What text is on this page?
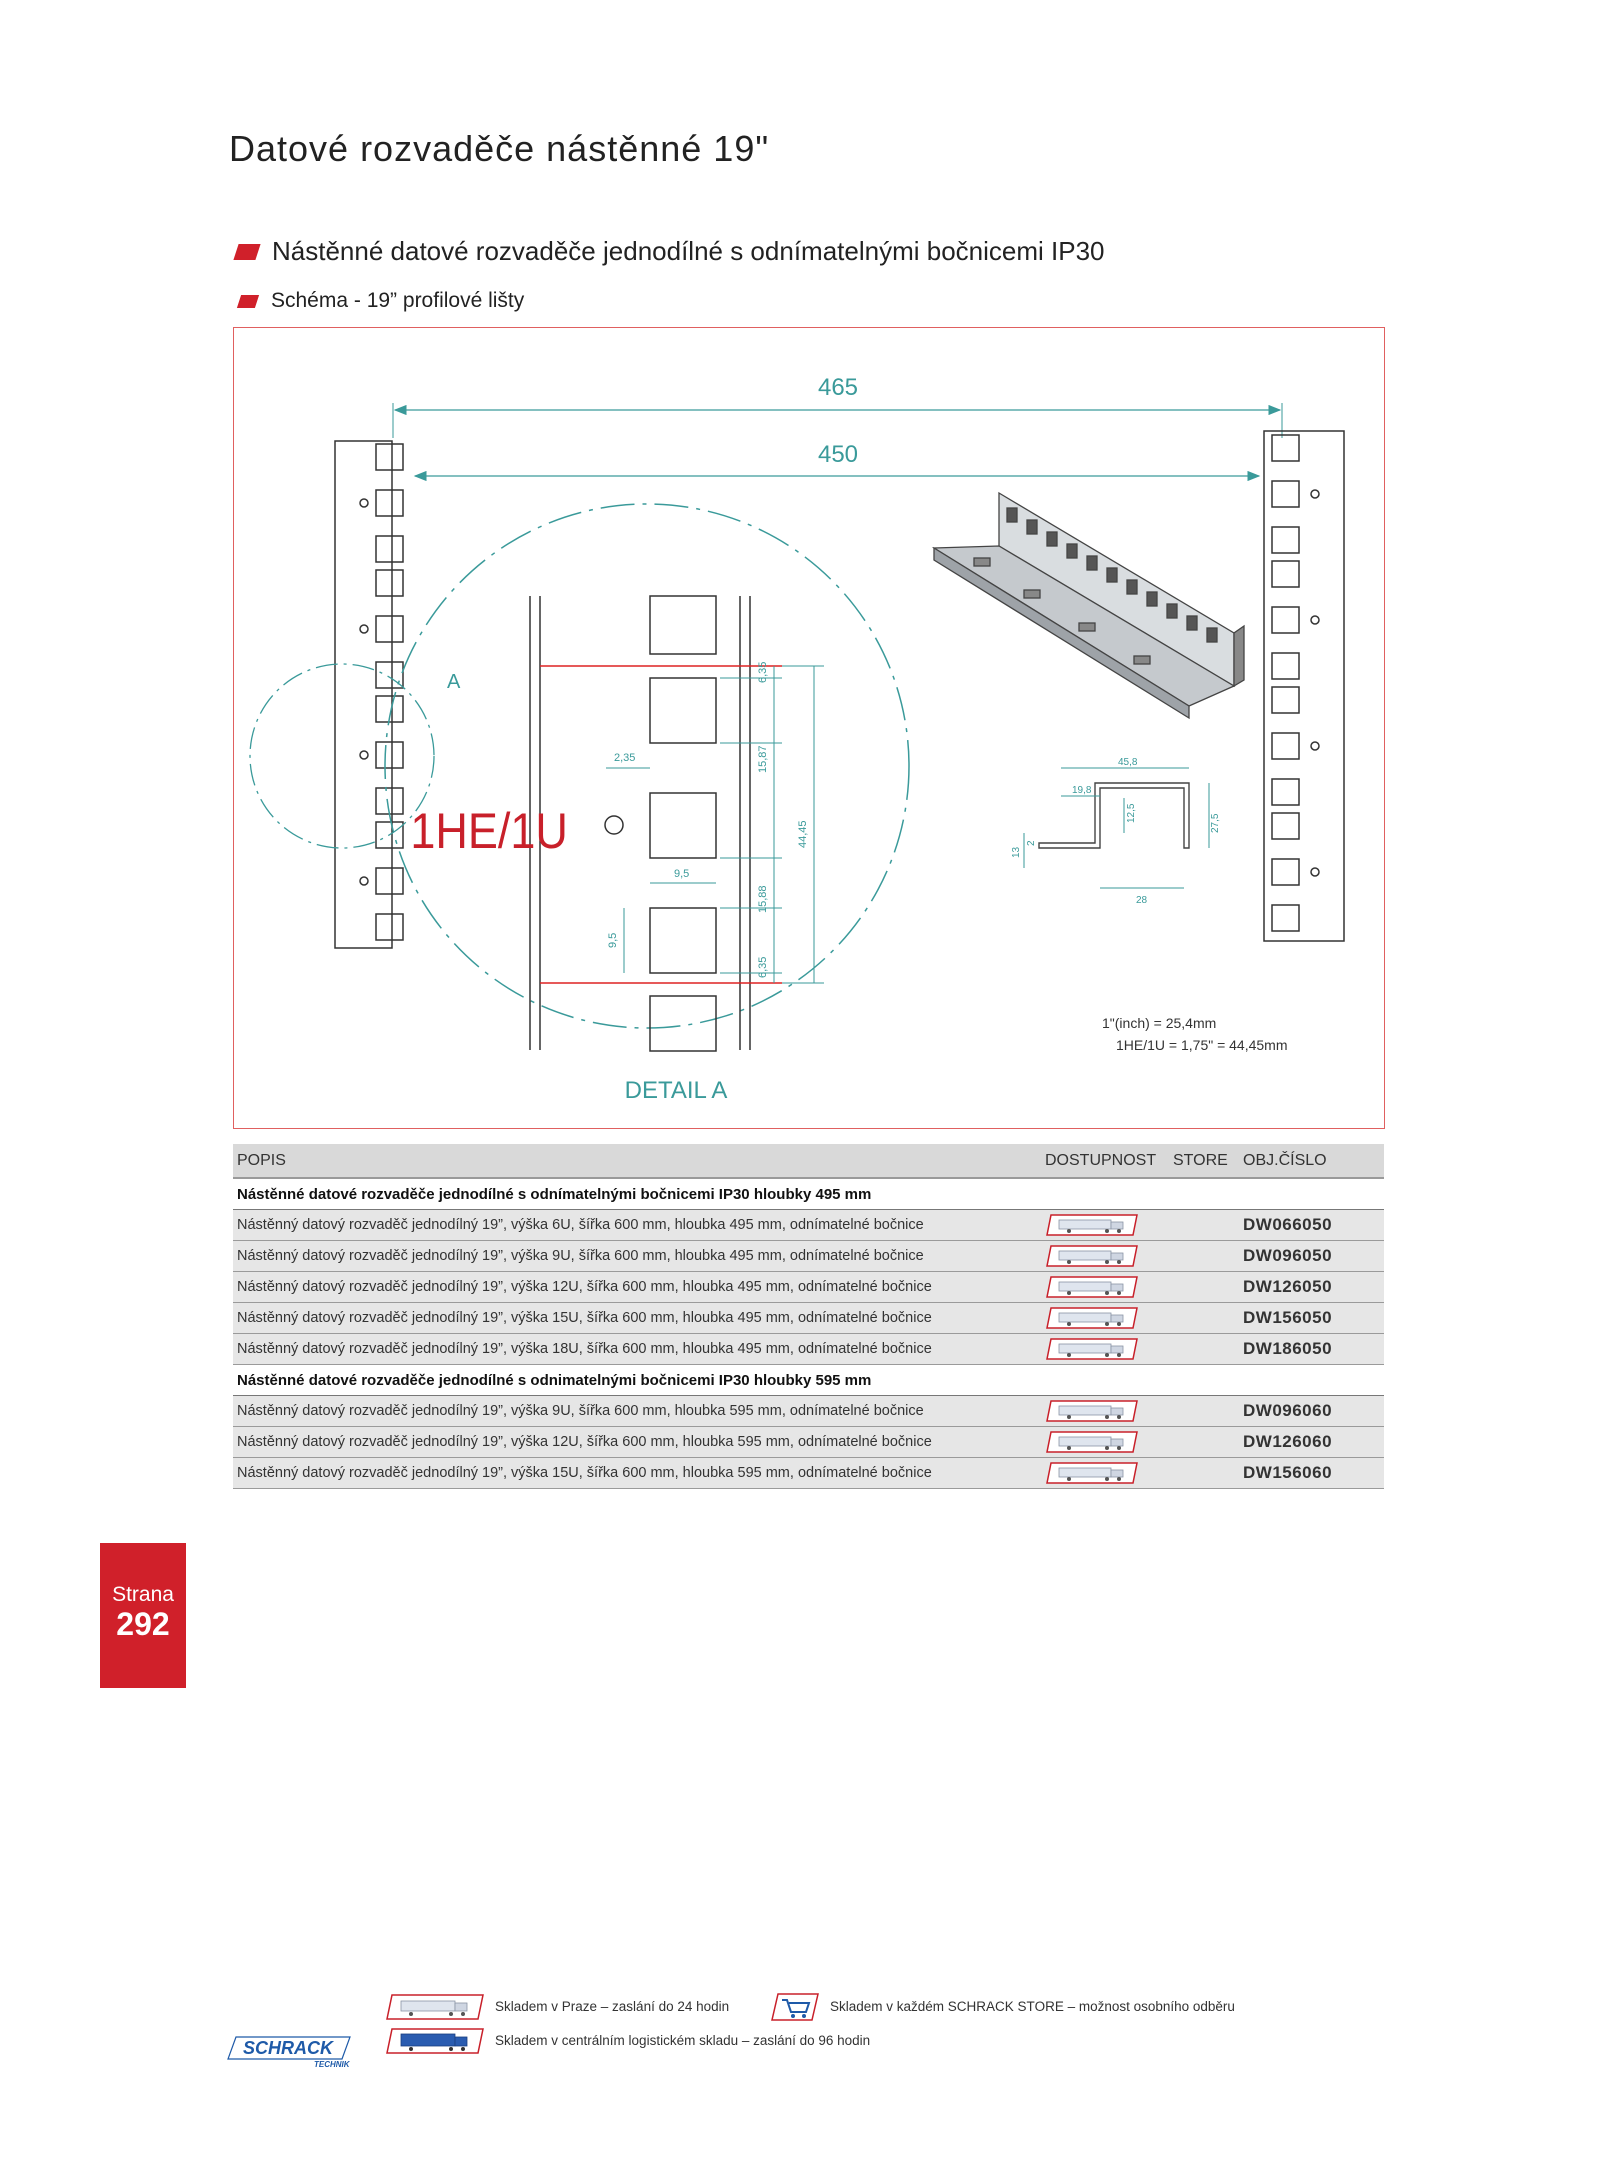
Datové rozvaděče nástěnné 19"
Nástěnné datové rozvaděče jednodílné s odnímatelnými bočnicemi IP30
Schéma - 19” profilové lišty
465
450
A	6,35
15,87
44,45
15,88
6,35
2,35
9,5
9,5
1HE/1U
DETAIL A
45,8
19,8
12,5
27,5
13
2
28
1"(inch) = 25,4mm
1HE/1U = 1,75" = 44,45mm
POPIS	DOSTUPNOST	STORE	OBJ.ČÍSLO
Nástěnné datové rozvaděče jednodílné s odnímatelnými bočnicemi IP30 hloubky 495 mm			
Nástěnný datový rozvaděč jednodílný 19”, výška 6U, šířka 600 mm, hloubka 495 mm, odnímatelné bočnice			DW066050
Nástěnný datový rozvaděč jednodílný 19”, výška 9U, šířka 600 mm, hloubka 495 mm, odnímatelné bočnice			DW096050
Nástěnný datový rozvaděč jednodílný 19”, výška 12U, šířka 600 mm, hloubka 495 mm, odnímatelné bočnice			DW126050
Nástěnný datový rozvaděč jednodílný 19”, výška 15U, šířka 600 mm, hloubka 495 mm, odnímatelné bočnice			DW156050
Nástěnný datový rozvaděč jednodílný 19”, výška 18U, šířka 600 mm, hloubka 495 mm, odnímatelné bočnice			DW186050
Nástěnné datové rozvaděče jednodílné s odnimatelnými bočnicemi IP30 hloubky 595 mm			
Nástěnný datový rozvaděč jednodílný 19”, výška 9U, šířka 600 mm, hloubka 595 mm, odnímatelné bočnice			DW096060
Nástěnný datový rozvaděč jednodílný 19”, výška 12U, šířka 600 mm, hloubka 595 mm, odnímatelné bočnice			DW126060
Nástěnný datový rozvaděč jednodílný 19”, výška 15U, šířka 600 mm, hloubka 595 mm, odnímatelné bočnice			DW156060
Strana
292
Skladem v Praze – zaslání do 24 hodin	Skladem v každém SCHRACK STORE – možnost osobního odběru
Skladem v centrálním logistickém skladu – zaslání do 96 hodin
SCHRACK
TECHNIK
